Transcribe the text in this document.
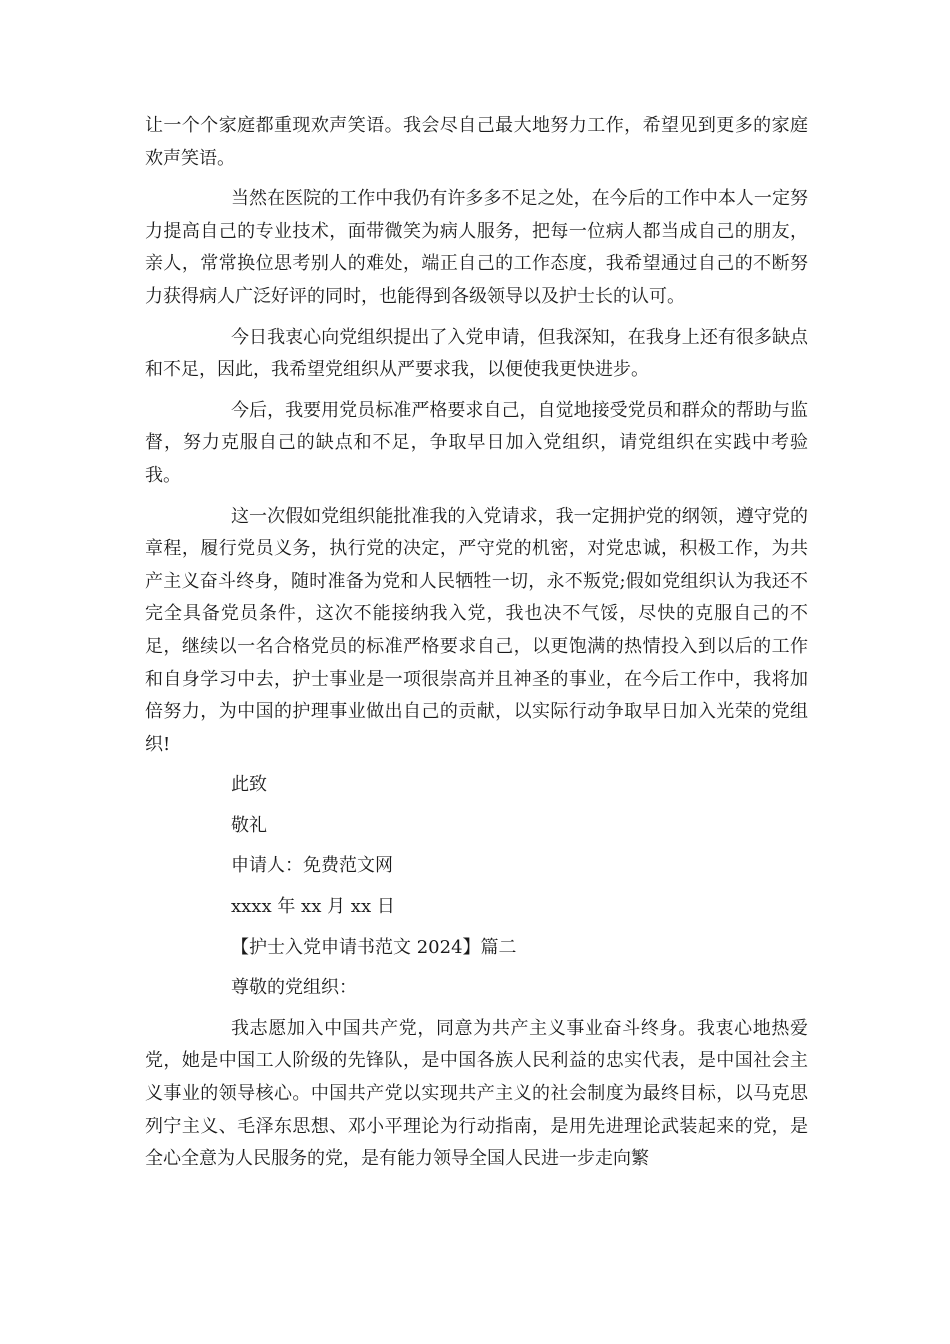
让一个个家庭都重现欢声笑语。我会尽自己最大地努力工作，希望见到更多的家庭欢声笑语。

当然在医院的工作中我仍有许多多不足之处，在今后的工作中本人一定努力提高自己的专业技术，面带微笑为病人服务，把每一位病人都当成自己的朋友，亲人，常常换位思考别人的难处，端正自己的工作态度，我希望通过自己的不断努力获得病人广泛好评的同时，也能得到各级领导以及护士长的认可。

今日我衷心向党组织提出了入党申请，但我深知，在我身上还有很多缺点和不足，因此，我希望党组织从严要求我，以便使我更快进步。

今后，我要用党员标准严格要求自己，自觉地接受党员和群众的帮助与监督，努力克服自己的缺点和不足，争取早日加入党组织，请党组织在实践中考验我。

这一次假如党组织能批准我的入党请求，我一定拥护党的纲领，遵守党的章程，履行党员义务，执行党的决定，严守党的机密，对党忠诚，积极工作，为共产主义奋斗终身，随时准备为党和人民牺牲一切，永不叛党;假如党组织认为我还不完全具备党员条件，这次不能接纳我入党，我也决不气馁，尽快的克服自己的不足，继续以一名合格党员的标准严格要求自己，以更饱满的热情投入到以后的工作和自身学习中去，护士事业是一项很崇高并且神圣的事业，在今后工作中，我将加倍努力，为中国的护理事业做出自己的贡献，以实际行动争取早日加入光荣的党组织!

此致

敬礼

申请人：免费范文网

xxxx 年 xx 月 xx 日

【护士入党申请书范文 2024】篇二

尊敬的党组织：

我志愿加入中国共产党，同意为共产主义事业奋斗终身。我衷心地热爱党，她是中国工人阶级的先锋队，是中国各族人民利益的忠实代表，是中国社会主义事业的领导核心。中国共产党以实现共产主义的社会制度为最终目标，以马克思列宁主义、毛泽东思想、邓小平理论为行动指南，是用先进理论武装起来的党，是全心全意为人民服务的党，是有能力领导全国人民进一步走向繁
